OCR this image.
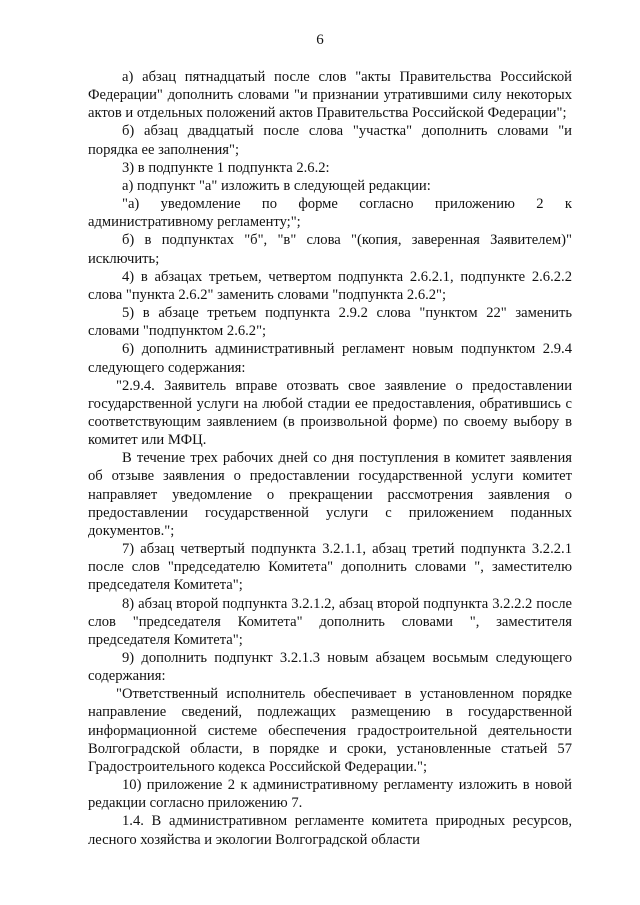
6

а) абзац пятнадцатый после слов "акты Правительства Российской Федерации" дополнить словами "и признании утратившими силу некоторых актов и отдельных положений актов Правительства Российской Федерации";

б) абзац двадцатый после слова "участка" дополнить словами "и порядка ее заполнения";

3) в подпункте 1 подпункта 2.6.2:

а) подпункт "а" изложить в следующей редакции:

"а) уведомление по форме согласно приложению 2 к административному регламенту;";

б) в подпунктах "б", "в" слова "(копия, заверенная Заявителем)" исключить;

4) в абзацах третьем, четвертом подпункта 2.6.2.1, подпункте 2.6.2.2 слова "пункта 2.6.2" заменить словами "подпункта 2.6.2";

5) в абзаце третьем подпункта 2.9.2 слова "пунктом 22" заменить словами "подпунктом 2.6.2";

6) дополнить административный регламент новым подпунктом 2.9.4 следующего содержания:

"2.9.4. Заявитель вправе отозвать свое заявление о предоставлении государственной услуги на любой стадии ее предоставления, обратившись с соответствующим заявлением (в произвольной форме) по своему выбору в комитет или МФЦ.

В течение трех рабочих дней со дня поступления в комитет заявления об отзыве заявления о предоставлении государственной услуги комитет направляет уведомление о прекращении рассмотрения заявления о предоставлении государственной услуги с приложением поданных документов.";

7) абзац четвертый подпункта 3.2.1.1, абзац третий подпункта 3.2.2.1 после слов "председателю Комитета" дополнить словами ", заместителю председателя Комитета";

8) абзац второй подпункта 3.2.1.2, абзац второй подпункта 3.2.2.2 после слов "председателя Комитета" дополнить словами ", заместителя председателя Комитета";

9) дополнить подпункт 3.2.1.3 новым абзацем восьмым следующего содержания:

"Ответственный исполнитель обеспечивает в установленном порядке направление сведений, подлежащих размещению в государственной информационной системе обеспечения градостроительной деятельности Волгоградской области, в порядке и сроки, установленные статьей 57 Градостроительного кодекса Российской Федерации.";

10) приложение 2 к административному регламенту изложить в новой редакции согласно приложению 7.

1.4. В административном регламенте комитета природных ресурсов, лесного хозяйства и экологии Волгоградской области
